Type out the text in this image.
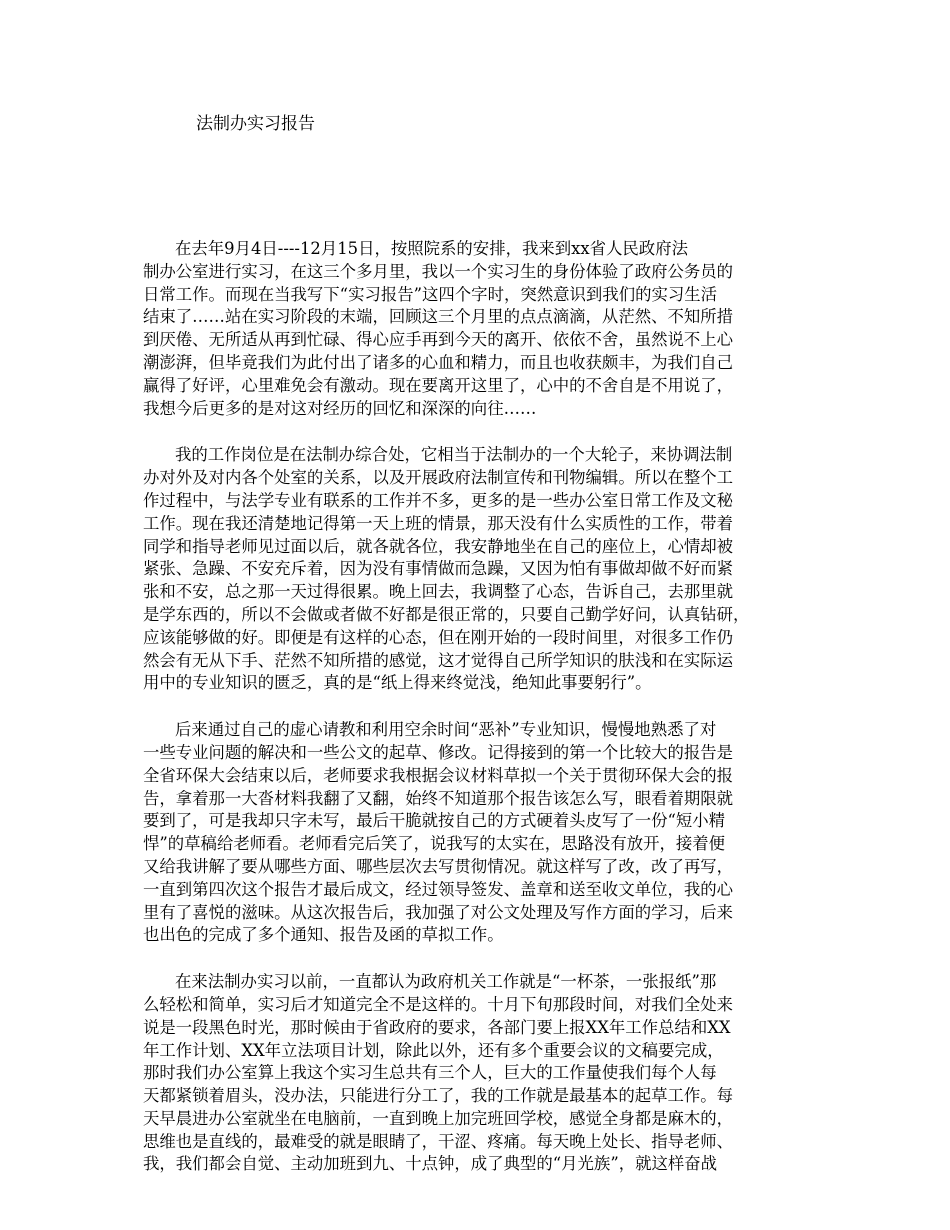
法制办实习报告
在去年9月4日----12月15日，按照院系的安排，我来到xx省人民政府法
制办公室进行实习，在这三个多月里，我以一个实习生的身份体验了政府公务员的
日常工作。而现在当我写下“实习报告”这四个字时，突然意识到我们的实习生活
结束了……站在实习阶段的末端，回顾这三个月里的点点滴滴，从茫然、不知所措
到厌倦、无所适从再到忙碌、得心应手再到今天的离开、依依不舍，虽然说不上心
潮澎湃，但毕竟我们为此付出了诸多的心血和精力，而且也收获颇丰，为我们自己
赢得了好评，心里难免会有激动。现在要离开这里了，心中的不舍自是不用说了，
我想今后更多的是对这对经历的回忆和深深的向往……
我的工作岗位是在法制办综合处，它相当于法制办的一个大轮子，来协调法制
办对外及对内各个处室的关系，以及开展政府法制宣传和刊物编辑。所以在整个工
作过程中，与法学专业有联系的工作并不多，更多的是一些办公室日常工作及文秘
工作。现在我还清楚地记得第一天上班的情景，那天没有什么实质性的工作，带着
同学和指导老师见过面以后，就各就各位，我安静地坐在自己的座位上，心情却被
紧张、急躁、不安充斥着，因为没有事情做而急躁，又因为怕有事做却做不好而紧
张和不安，总之那一天过得很累。晚上回去，我调整了心态，告诉自己，去那里就
是学东西的，所以不会做或者做不好都是很正常的，只要自己勤学好问，认真钻研，
应该能够做的好。即便是有这样的心态，但在刚开始的一段时间里，对很多工作仍
然会有无从下手、茫然不知所措的感觉，这才觉得自己所学知识的肤浅和在实际运
用中的专业知识的匮乏，真的是“纸上得来终觉浅，绝知此事要躬行”。
后来通过自己的虚心请教和利用空余时间“恶补”专业知识，慢慢地熟悉了对
一些专业问题的解决和一些公文的起草、修改。记得接到的第一个比较大的报告是
全省环保大会结束以后，老师要求我根据会议材料草拟一个关于贯彻环保大会的报
告，拿着那一大沓材料我翻了又翻，始终不知道那个报告该怎么写，眼看着期限就
要到了，可是我却只字未写，最后干脆就按自己的方式硬着头皮写了一份“短小精
悍”的草稿给老师看。老师看完后笑了，说我写的太实在，思路没有放开，接着便
又给我讲解了要从哪些方面、哪些层次去写贯彻情况。就这样写了改，改了再写，
一直到第四次这个报告才最后成文，经过领导签发、盖章和送至收文单位，我的心
里有了喜悦的滋味。从这次报告后，我加强了对公文处理及写作方面的学习，后来
也出色的完成了多个通知、报告及函的草拟工作。
在来法制办实习以前，一直都认为政府机关工作就是“一杯茶，一张报纸”那
么轻松和简单，实习后才知道完全不是这样的。十月下旬那段时间，对我们全处来
说是一段黑色时光，那时候由于省政府的要求，各部门要上报XX年工作总结和XX
年工作计划、XX年立法项目计划，除此以外，还有多个重要会议的文稿要完成，
那时我们办公室算上我这个实习生总共有三个人，巨大的工作量使我们每个人每
天都紧锁着眉头，没办法，只能进行分工了，我的工作就是最基本的起草工作。每
天早晨进办公室就坐在电脑前，一直到晚上加完班回学校，感觉全身都是麻木的，
思维也是直线的，最难受的就是眼睛了，干涩、疼痛。每天晚上处长、指导老师、
我，我们都会自觉、主动加班到九、十点钟，成了典型的“月光族”，就这样奋战
